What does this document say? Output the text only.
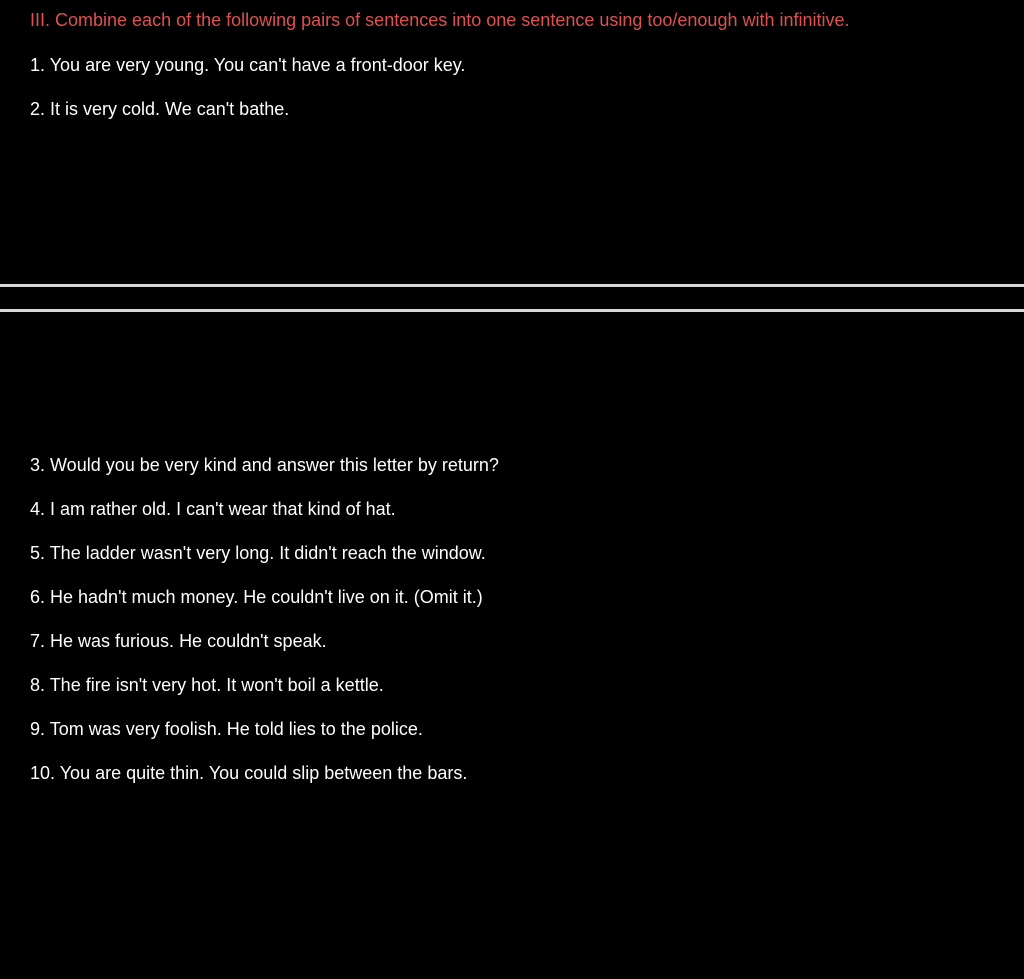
III. Combine each of the following pairs of sentences into one sentence using too/enough with infinitive.
1. You are very young. You can't have a front-door key.
2. It is very cold. We can't bathe.
3. Would you be very kind and answer this letter by return?
4. I am rather old. I can't wear that kind of hat.
5. The ladder wasn't very long. It didn't reach the window.
6. He hadn't much money. He couldn't live on it. (Omit it.)
7. He was furious. He couldn't speak.
8. The fire isn't very hot. It won't boil a kettle.
9. Tom was very foolish. He told lies to the police.
10. You are quite thin. You could slip between the bars.
